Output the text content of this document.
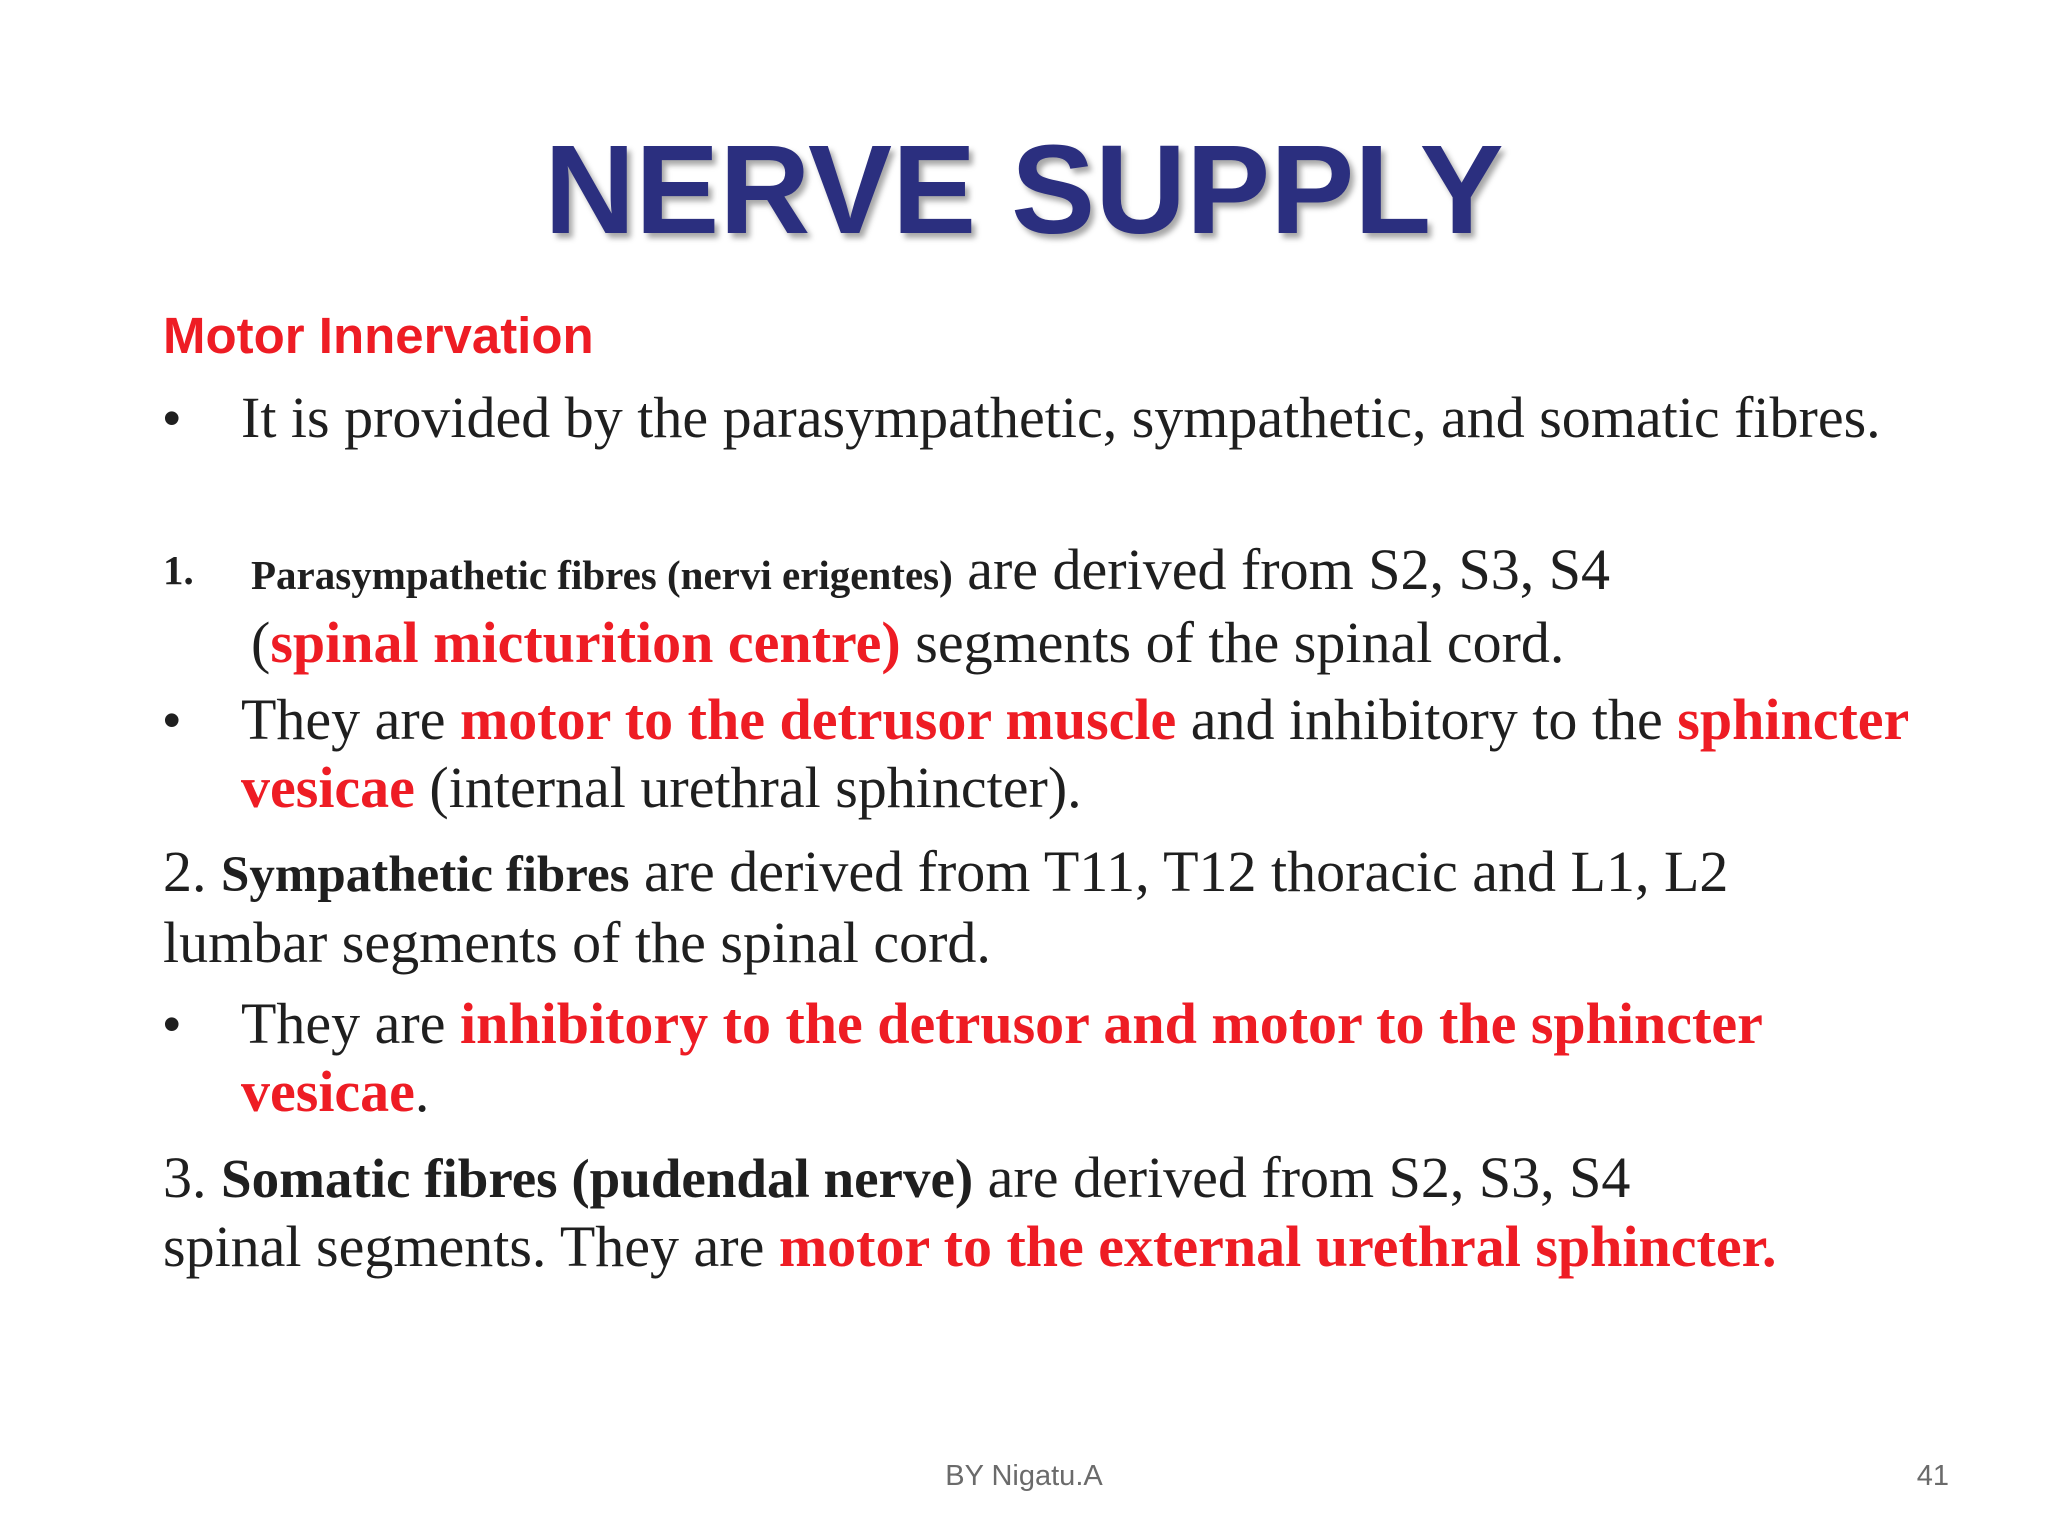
NERVE SUPPLY
Motor Innervation
• It is provided by the parasympathetic, sympathetic, and somatic fibres.
1. Parasympathetic fibres (nervi erigentes) are derived from S2, S3, S4
(spinal micturition centre) segments of the spinal cord.
• They are motor to the detrusor muscle and inhibitory to the sphincter vesicae (internal urethral sphincter).
2. Sympathetic fibres are derived from T11, T12 thoracic and L1, L2 lumbar segments of the spinal cord.
• They are inhibitory to the detrusor and motor to the sphincter vesicae.
3. Somatic fibres (pudendal nerve) are derived from S2, S3, S4 spinal segments. They are motor to the external urethral sphincter.
BY Nigatu.A	41
